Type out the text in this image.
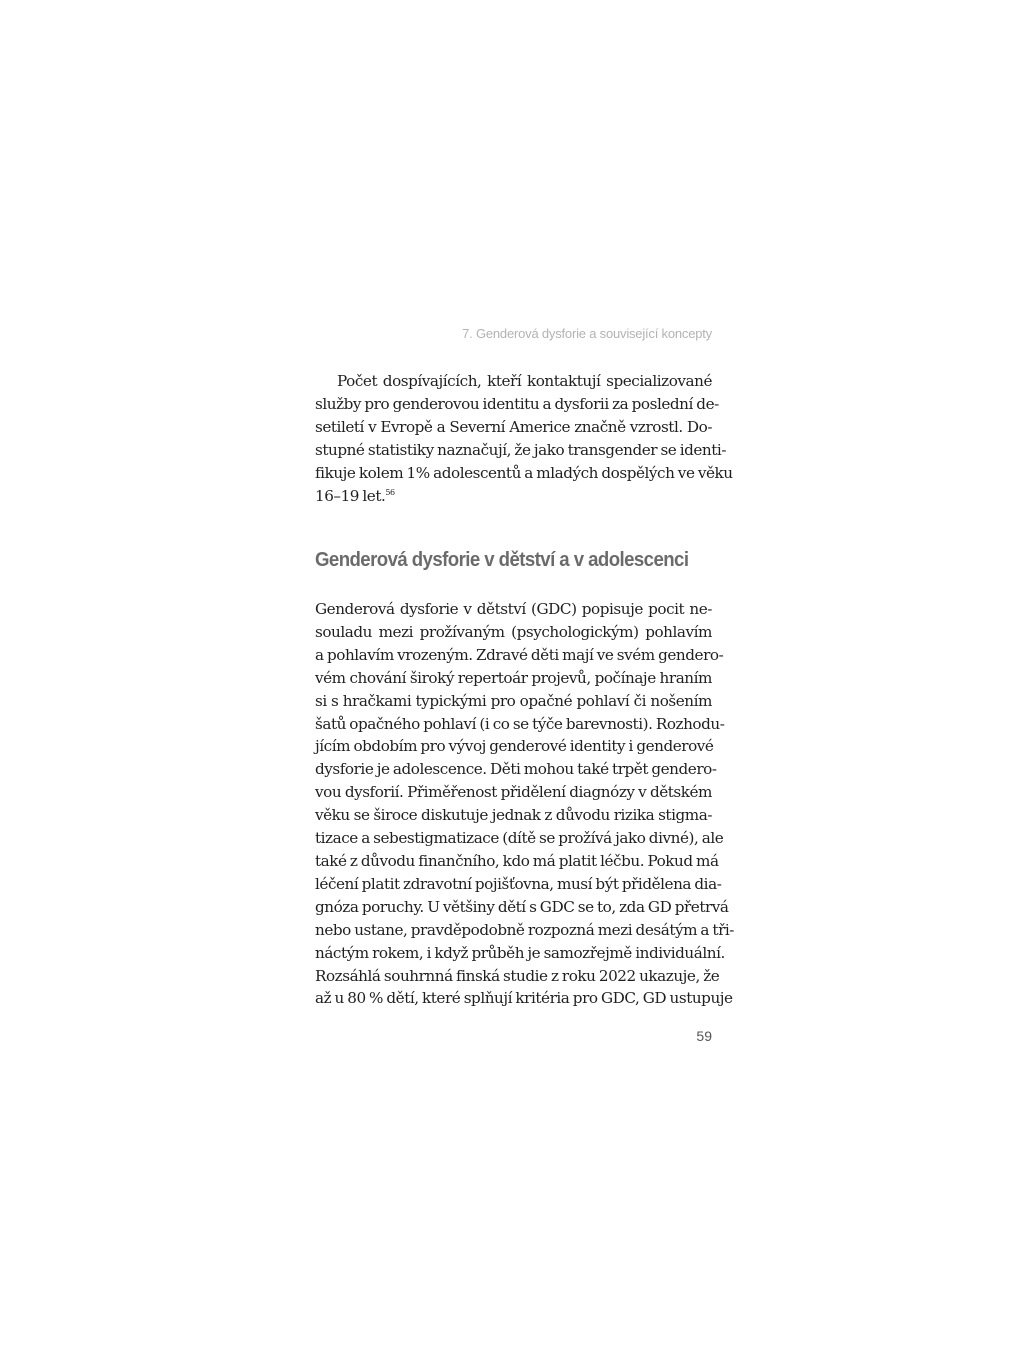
7. Genderová dysforie a související koncepty
Počet dospívajících, kteří kontaktují specializované
služby pro genderovou identitu a dysforii za poslední de-
setiletí v Evropě a Severní Americe značně vzrostl. Do-
stupné statistiky naznačují, že jako transgender se identi-
fikuje kolem 1% adolescentů a mladých dospělých ve věku
16–19 let.$^{56}$
Genderová dysforie v dětství a v adolescenci
Genderová dysforie v dětství (GDC) popisuje pocit ne-
souladu mezi prožívaným (psychologickým) pohlavím
a pohlavím vrozeným. Zdravé děti mají ve svém gendero-
vém chování široký repertoár projevů, počínaje hraním
si s hračkami typickými pro opačné pohlaví či nošením
šatů opačného pohlaví (i co se týče barevnosti). Rozhodu-
jícím obdobím pro vývoj genderové identity i genderové
dysforie je adolescence. Děti mohou také trpět gendero-
vou dysforií. Přiměřenost přidělení diagnózy v dětském
věku se široce diskutuje jednak z důvodu rizika stigma-
tizace a sebestigmatizace (dítě se prožívá jako divné), ale
také z důvodu finančního, kdo má platit léčbu. Pokud má
léčení platit zdravotní pojišťovna, musí být přidělena dia-
gnóza poruchy. U většiny dětí s GDC se to, zda GD přetrvá
nebo ustane, pravděpodobně rozpozná mezi desátým a tři-
náctým rokem, i když průběh je samozřejmě individuální.
Rozsáhlá souhrnná finská studie z roku 2022 ukazuje, že
až u 80 % dětí, které splňují kritéria pro GDC, GD ustupuje
59
